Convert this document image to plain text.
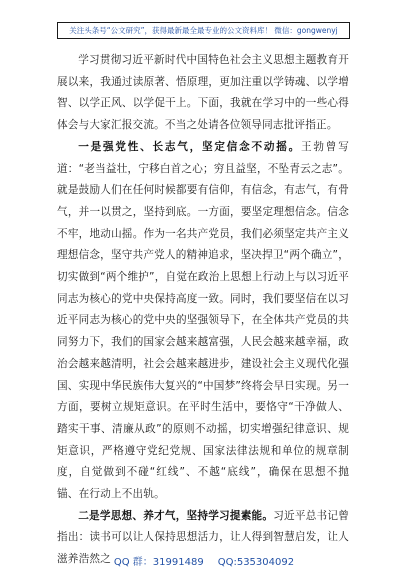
关注头条号“公文研究”，获得最新最全最专业的公文资料库！ 微信：gongwenyj

学习贯彻习近平新时代中国特色社会主义思想主题教育开展以来，我通过读原著、悟原理，更加注重以学铸魂、以学增智、以学正风、以学促干上。下面，我就在学习中的一些心得体会与大家汇报交流。不当之处请各位领导同志批评指正。

一是强党性、长志气，坚定信念不动摇。王勃曾写道：“老当益壮，宁移白首之心；穷且益坚，不坠青云之志”。就是鼓励人们在任何时候都要有信仰，有信念，有志气，有骨气，并一以贯之，坚持到底。一方面，要坚定理想信念。信念不牢，地动山摇。作为一名共产党员，我们必须坚定共产主义理想信念，坚守共产党人的精神追求，坚决捍卫“两个确立”，切实做到“两个维护”，自觉在政治上思想上行动上与以习近平同志为核心的党中央保持高度一致。同时，我们要坚信在以习近平同志为核心的党中央的坚强领导下，在全体共产党员的共同努力下，我们的国家会越来越富强，人民会越来越幸福，政治会越来越清明，社会会越来越进步，建设社会主义现代化强国、实现中华民族伟大复兴的“中国梦”终将会早日实现。另一方面，要树立规矩意识。在平时生活中，要恪守“干净做人、踏实干事、清廉从政”的原则不动摇，切实增强纪律意识、规矩意识，严格遵守党纪党规、国家法律法规和单位的规章制度，自觉做到不碰“红线”、不越“底线”，确保在思想不抛锚、在行动上不出轨。

二是学思想、养才气，坚持学习提素能。习近平总书记曾指出：读书可以让人保持思想活力，让人得到智慧启发，让人滋养浩然之 QQ 群：31991489 QQ:535304092
